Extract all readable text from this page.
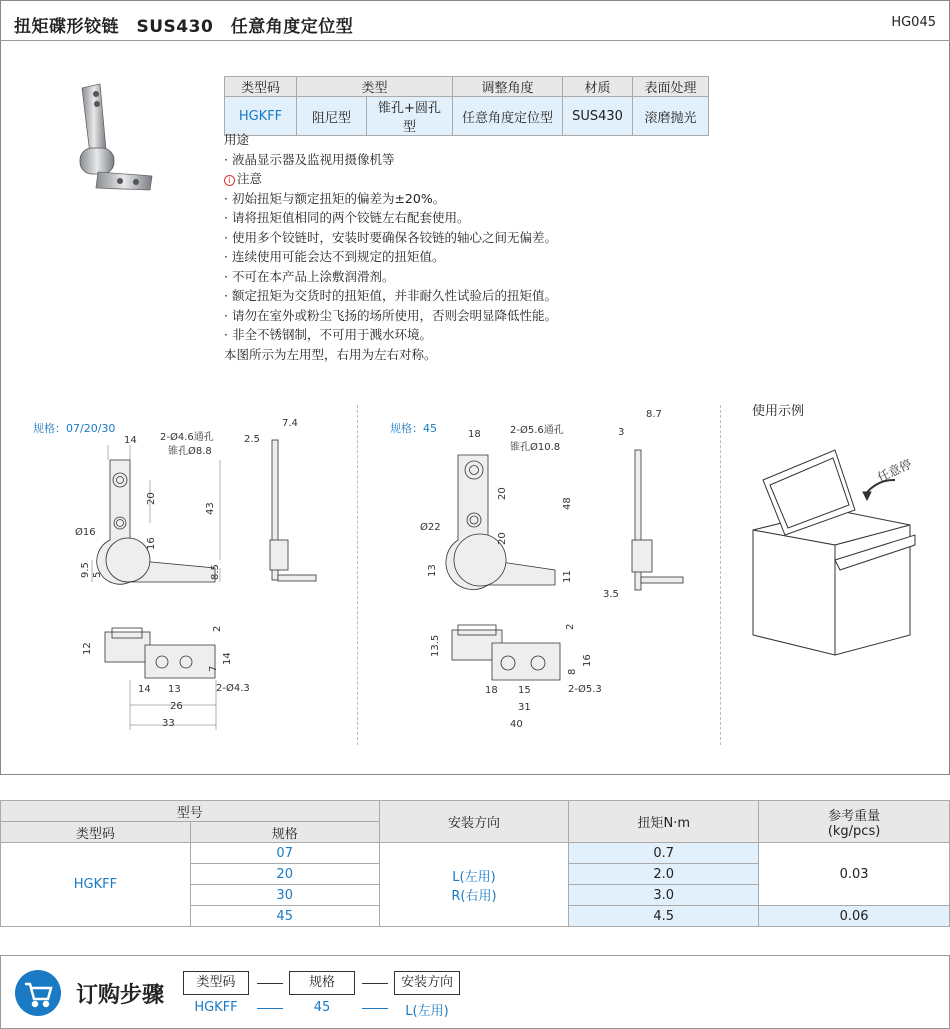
扭矩碟形铰链　SUS430　任意角度定位型	HG045
类型码	类型		调整角度	材质	表面处理
HGKFF	阻尼型	锥孔+圆孔型	任意角度定位型	SUS430	滚磨抛光
用途
· 液晶显示器及监视用摄像机等
i 注意
· 初始扭矩与额定扭矩的偏差为±20%。
· 请将扭矩值相同的两个铰链左右配套使用。
· 使用多个铰链时，安装时要确保各铰链的轴心之间无偏差。
· 连续使用可能会达不到规定的扭矩值。
· 不可在本产品上涂敷润滑剂。
· 额定扭矩为交货时的扭矩值，并非耐久性试验后的扭矩值。
· 请勿在室外或粉尘飞扬的场所使用，否则会明显降低性能。
· 非全不锈钢制，不可用于溅水环境。
本图所示为左用型，右用为左右对称。
规格：07/20/30
14 2-Ø4.6通孔
锥孔Ø8.8
20
43
Ø16
16
9.5 5	8.5
7.4
2.5
12
2
14
7
14 13
26
33
2-Ø4.3
规格：45	18	2-Ø5.6通孔
锥孔Ø10.8
20
48
Ø22
20
13	11
8.7
3
3.5
13.5
2
16
8
18 15
31
40
2-Ø5.3
使用示例
任意停
型号		安装方向	扭矩N·m	参考重量
(kg/pcs)

类型码	规格			
HGKFF	07	L(左用)
R(右用)	0.7	0.03
	20		2.0	
	30		3.0	
	45		4.5	0.06
订购步骤
类型码	规格	安装方向
HGKFF	45	L(左用)
